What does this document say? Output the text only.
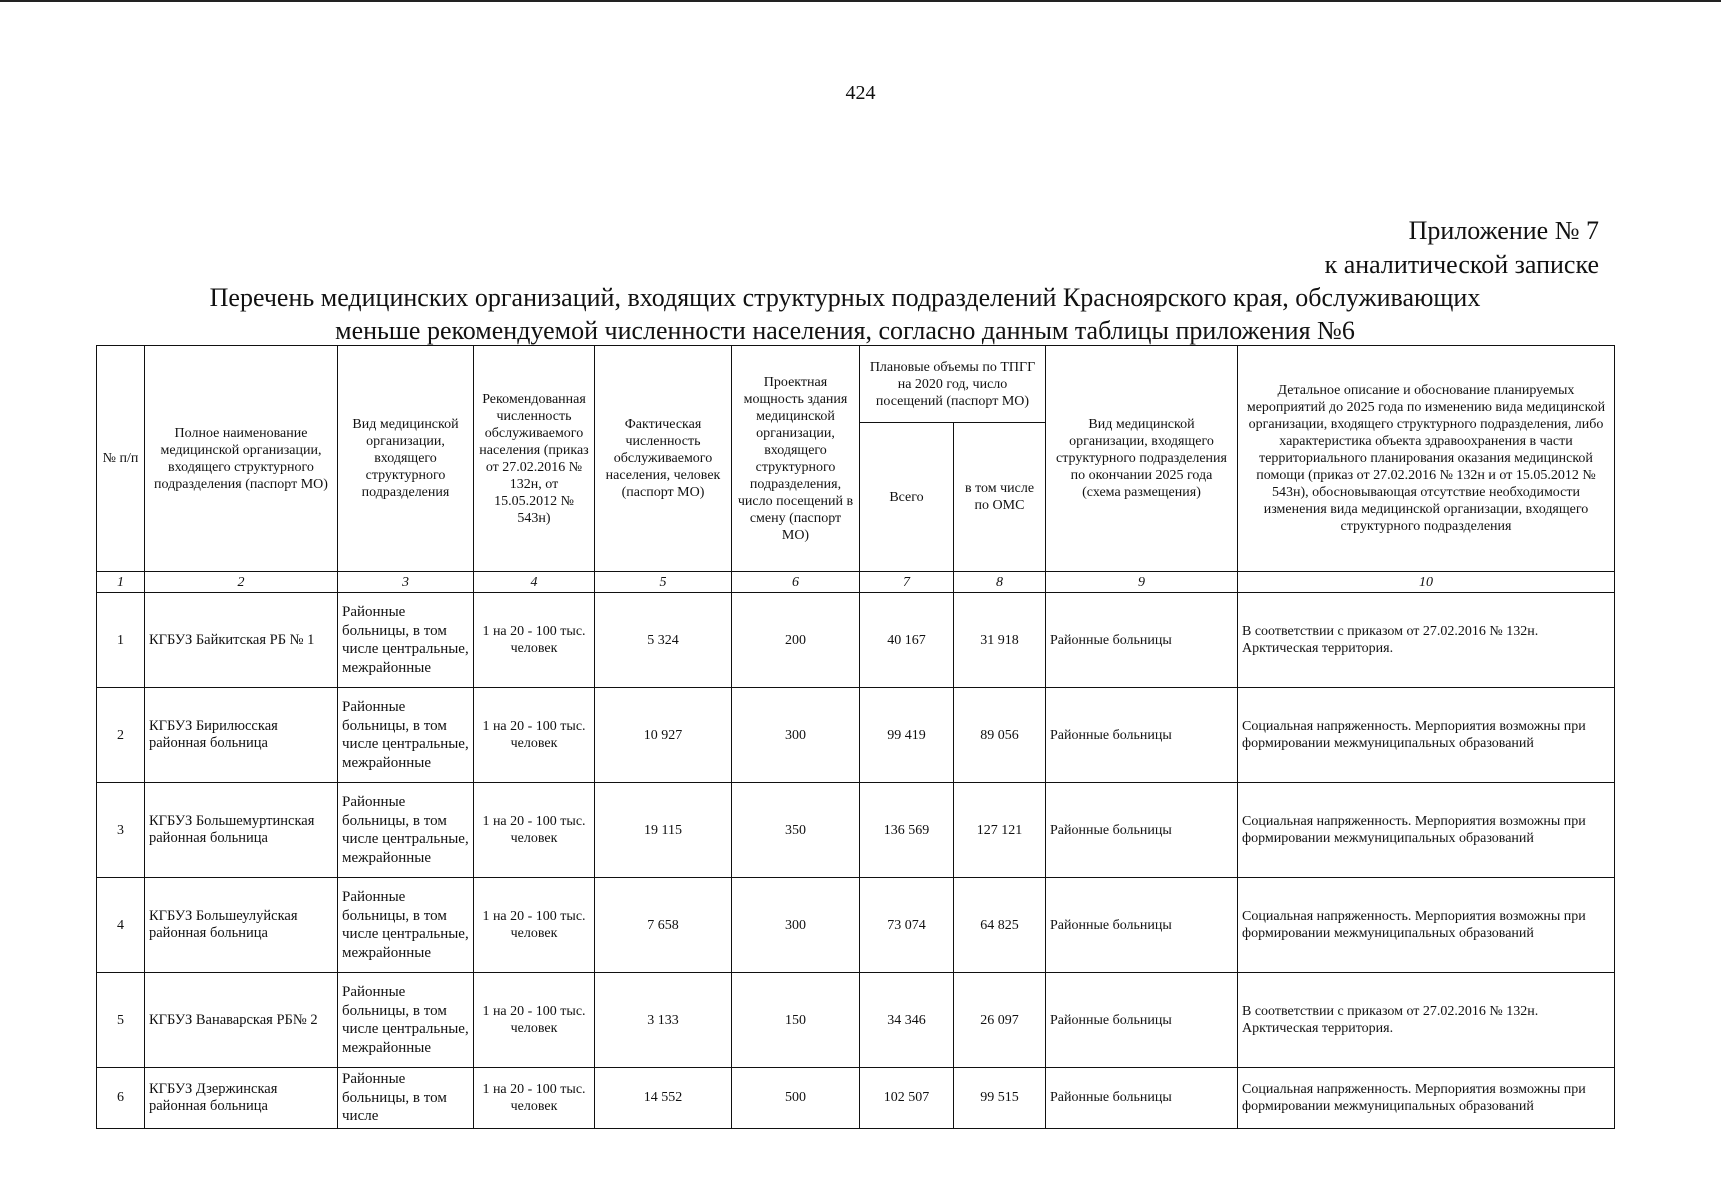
424
Приложение № 7
к аналитической записке
Перечень медицинских организаций, входящих структурных подразделений Красноярского края, обслуживающих
меньше рекомендуемой численности населения, согласно данным таблицы приложения №6
№ п/п	Полное наименование медицинской организации, входящего структурного подразделения (паспорт МО)	Вид медицинской организации, входящего структурного подразделения	Рекомендованная численность обслуживаемого населения (приказ от 27.02.2016 № 132н, от 15.05.2012 № 543н)	Фактическая численность обслуживаемого населения, человек (паспорт МО)	Проектная мощность здания медицинской организации, входящего структурного подразделения, число посещений в смену (паспорт МО)	Плановые объемы по ТПГГ на 2020 год, число посещений (паспорт МО)		Вид медицинской организации, входящего структурного подразделения по окончании 2025 года (схема размещения)	Детальное описание и обоснование планируемых мероприятий до 2025 года по изменению вида медицинской организации, входящего структурного подразделения, либо характеристика объекта здравоохранения в части территориального планирования оказания медицинской помощи (приказ от 27.02.2016 № 132н и от 15.05.2012 № 543н), обосновывающая отсутствие необходимости изменения вида медицинской организации, входящего структурного подразделения
						Всего	в том числе по ОМС		
1	2	3	4	5	6	7	8	9	10
1	КГБУЗ Байкитская РБ № 1	Районные больницы, в том числе центральные, межрайонные	1 на 20 - 100 тыс. человек	5 324	200	40 167	31 918	Районные больницы	В соответствии с приказом от 27.02.2016 № 132н. Арктическая территория.
2	КГБУЗ Бирилюсская районная больница	Районные больницы, в том числе центральные, межрайонные	1 на 20 - 100 тыс. человек	10 927	300	99 419	89 056	Районные больницы	Социальная напряженность. Мерпориятия возможны при формировании межмуниципальных образований
3	КГБУЗ Большемуртинская районная больница	Районные больницы, в том числе центральные, межрайонные	1 на 20 - 100 тыс. человек	19 115	350	136 569	127 121	Районные больницы	Социальная напряженность. Мерпориятия возможны при формировании межмуниципальных образований
4	КГБУЗ Большеулуйская районная больница	Районные больницы, в том числе центральные, межрайонные	1 на 20 - 100 тыс. человек	7 658	300	73 074	64 825	Районные больницы	Социальная напряженность. Мерпориятия возможны при формировании межмуниципальных образований
5	КГБУЗ Ванаварская РБ№ 2	Районные больницы, в том числе центральные, межрайонные	1 на 20 - 100 тыс. человек	3 133	150	34 346	26 097	Районные больницы	В соответствии с приказом от 27.02.2016 № 132н. Арктическая территория.
6	КГБУЗ Дзержинская районная больница	Районные больницы, в том числе	1 на 20 - 100 тыс. человек	14 552	500	102 507	99 515	Районные больницы	Социальная напряженность. Мерпориятия возможны при формировании межмуниципальных образований
